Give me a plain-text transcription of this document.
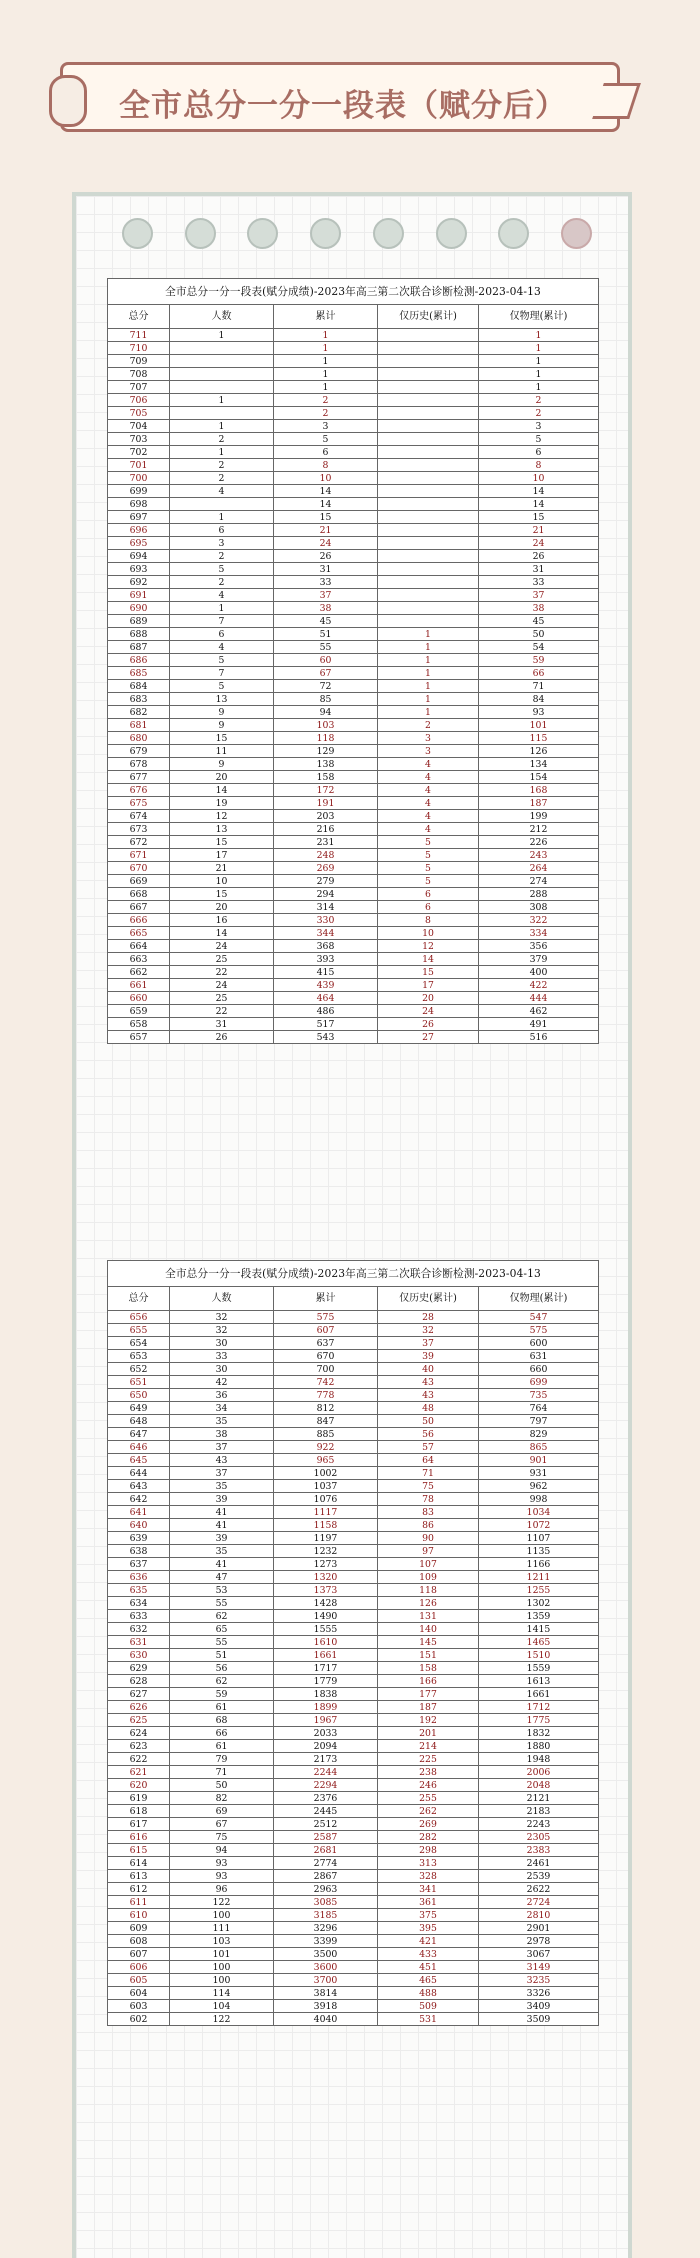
全市总分一分一段表（赋分后）
全市总分一分一段表(赋分成绩)-2023年高三第二次联合诊断检测-2023-04-13				
总分	人数	累计	仅历史(累计)	仅物理(累计)
711	1	1		1
710		1		1
709		1		1
708		1		1
707		1		1
706	1	2		2
705		2		2
704	1	3		3
703	2	5		5
702	1	6		6
701	2	8		8
700	2	10		10
699	4	14		14
698		14		14
697	1	15		15
696	6	21		21
695	3	24		24
694	2	26		26
693	5	31		31
692	2	33		33
691	4	37		37
690	1	38		38
689	7	45		45
688	6	51	1	50
687	4	55	1	54
686	5	60	1	59
685	7	67	1	66
684	5	72	1	71
683	13	85	1	84
682	9	94	1	93
681	9	103	2	101
680	15	118	3	115
679	11	129	3	126
678	9	138	4	134
677	20	158	4	154
676	14	172	4	168
675	19	191	4	187
674	12	203	4	199
673	13	216	4	212
672	15	231	5	226
671	17	248	5	243
670	21	269	5	264
669	10	279	5	274
668	15	294	6	288
667	20	314	6	308
666	16	330	8	322
665	14	344	10	334
664	24	368	12	356
663	25	393	14	379
662	22	415	15	400
661	24	439	17	422
660	25	464	20	444
659	22	486	24	462
658	31	517	26	491
657	26	543	27	516
全市总分一分一段表(赋分成绩)-2023年高三第二次联合诊断检测-2023-04-13				
总分	人数	累计	仅历史(累计)	仅物理(累计)
656	32	575	28	547
655	32	607	32	575
654	30	637	37	600
653	33	670	39	631
652	30	700	40	660
651	42	742	43	699
650	36	778	43	735
649	34	812	48	764
648	35	847	50	797
647	38	885	56	829
646	37	922	57	865
645	43	965	64	901
644	37	1002	71	931
643	35	1037	75	962
642	39	1076	78	998
641	41	1117	83	1034
640	41	1158	86	1072
639	39	1197	90	1107
638	35	1232	97	1135
637	41	1273	107	1166
636	47	1320	109	1211
635	53	1373	118	1255
634	55	1428	126	1302
633	62	1490	131	1359
632	65	1555	140	1415
631	55	1610	145	1465
630	51	1661	151	1510
629	56	1717	158	1559
628	62	1779	166	1613
627	59	1838	177	1661
626	61	1899	187	1712
625	68	1967	192	1775
624	66	2033	201	1832
623	61	2094	214	1880
622	79	2173	225	1948
621	71	2244	238	2006
620	50	2294	246	2048
619	82	2376	255	2121
618	69	2445	262	2183
617	67	2512	269	2243
616	75	2587	282	2305
615	94	2681	298	2383
614	93	2774	313	2461
613	93	2867	328	2539
612	96	2963	341	2622
611	122	3085	361	2724
610	100	3185	375	2810
609	111	3296	395	2901
608	103	3399	421	2978
607	101	3500	433	3067
606	100	3600	451	3149
605	100	3700	465	3235
604	114	3814	488	3326
603	104	3918	509	3409
602	122	4040	531	3509
